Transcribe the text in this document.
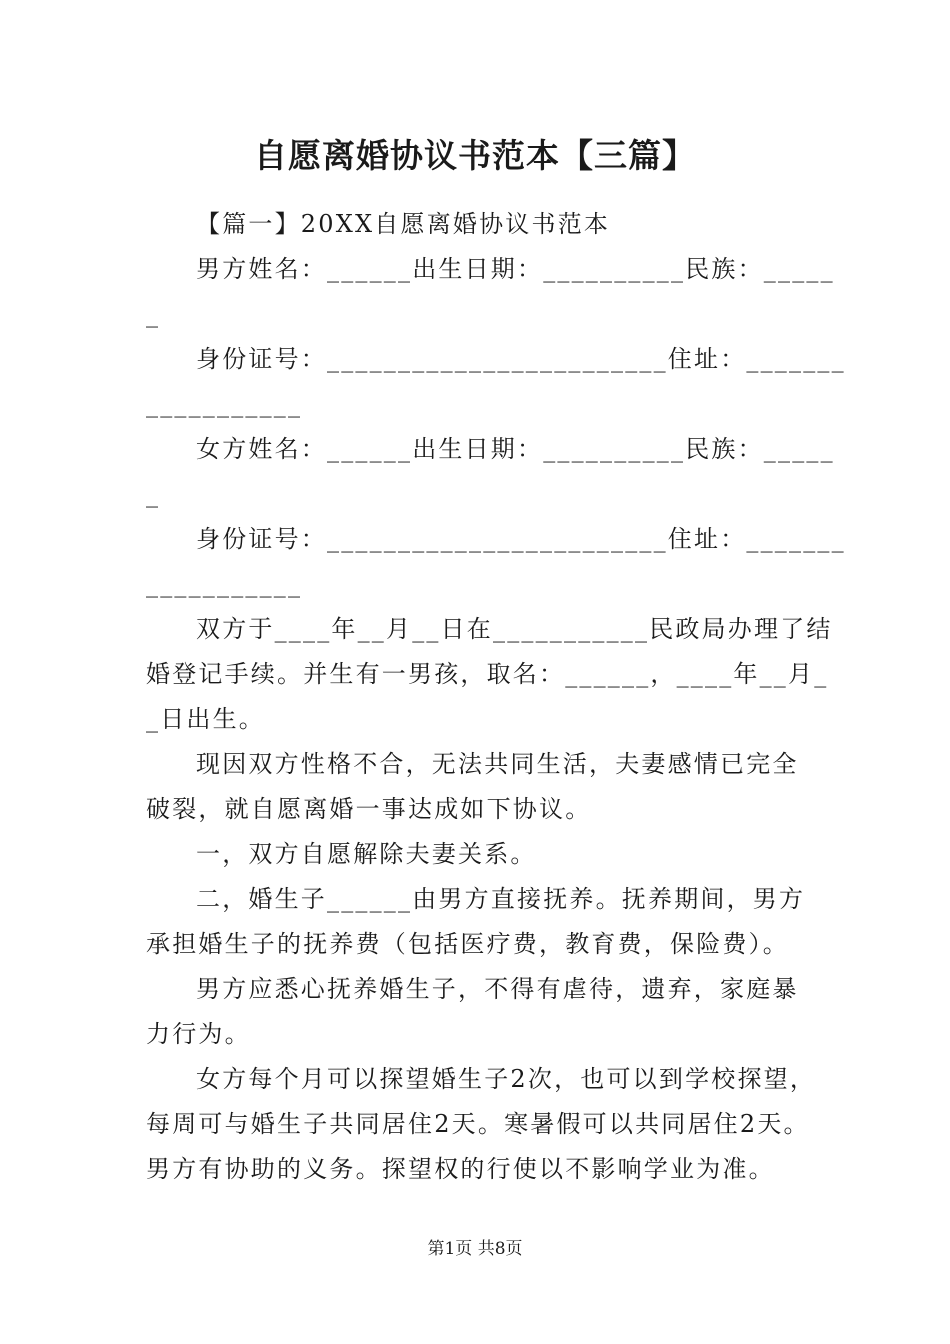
自愿离婚协议书范本【三篇】
【篇一】20XX自愿离婚协议书范本
男方姓名：______出生日期：__________民族：_____
_
身份证号：________________________住址：_______
___________
女方姓名：______出生日期：__________民族：_____
_
身份证号：________________________住址：_______
___________
双方于____年__月__日在___________民政局办理了结
婚登记手续。并生有一男孩，取名：______，____年__月_
_日出生。
现因双方性格不合，无法共同生活，夫妻感情已完全
破裂，就自愿离婚一事达成如下协议。
一，双方自愿解除夫妻关系。
二，婚生子______由男方直接抚养。抚养期间，男方
承担婚生子的抚养费（包括医疗费，教育费，保险费）。
男方应悉心抚养婚生子，不得有虐待，遗弃，家庭暴
力行为。
女方每个月可以探望婚生子2次，也可以到学校探望，
每周可与婚生子共同居住2天。寒暑假可以共同居住2天。
男方有协助的义务。探望权的行使以不影响学业为准。
第1页 共8页
